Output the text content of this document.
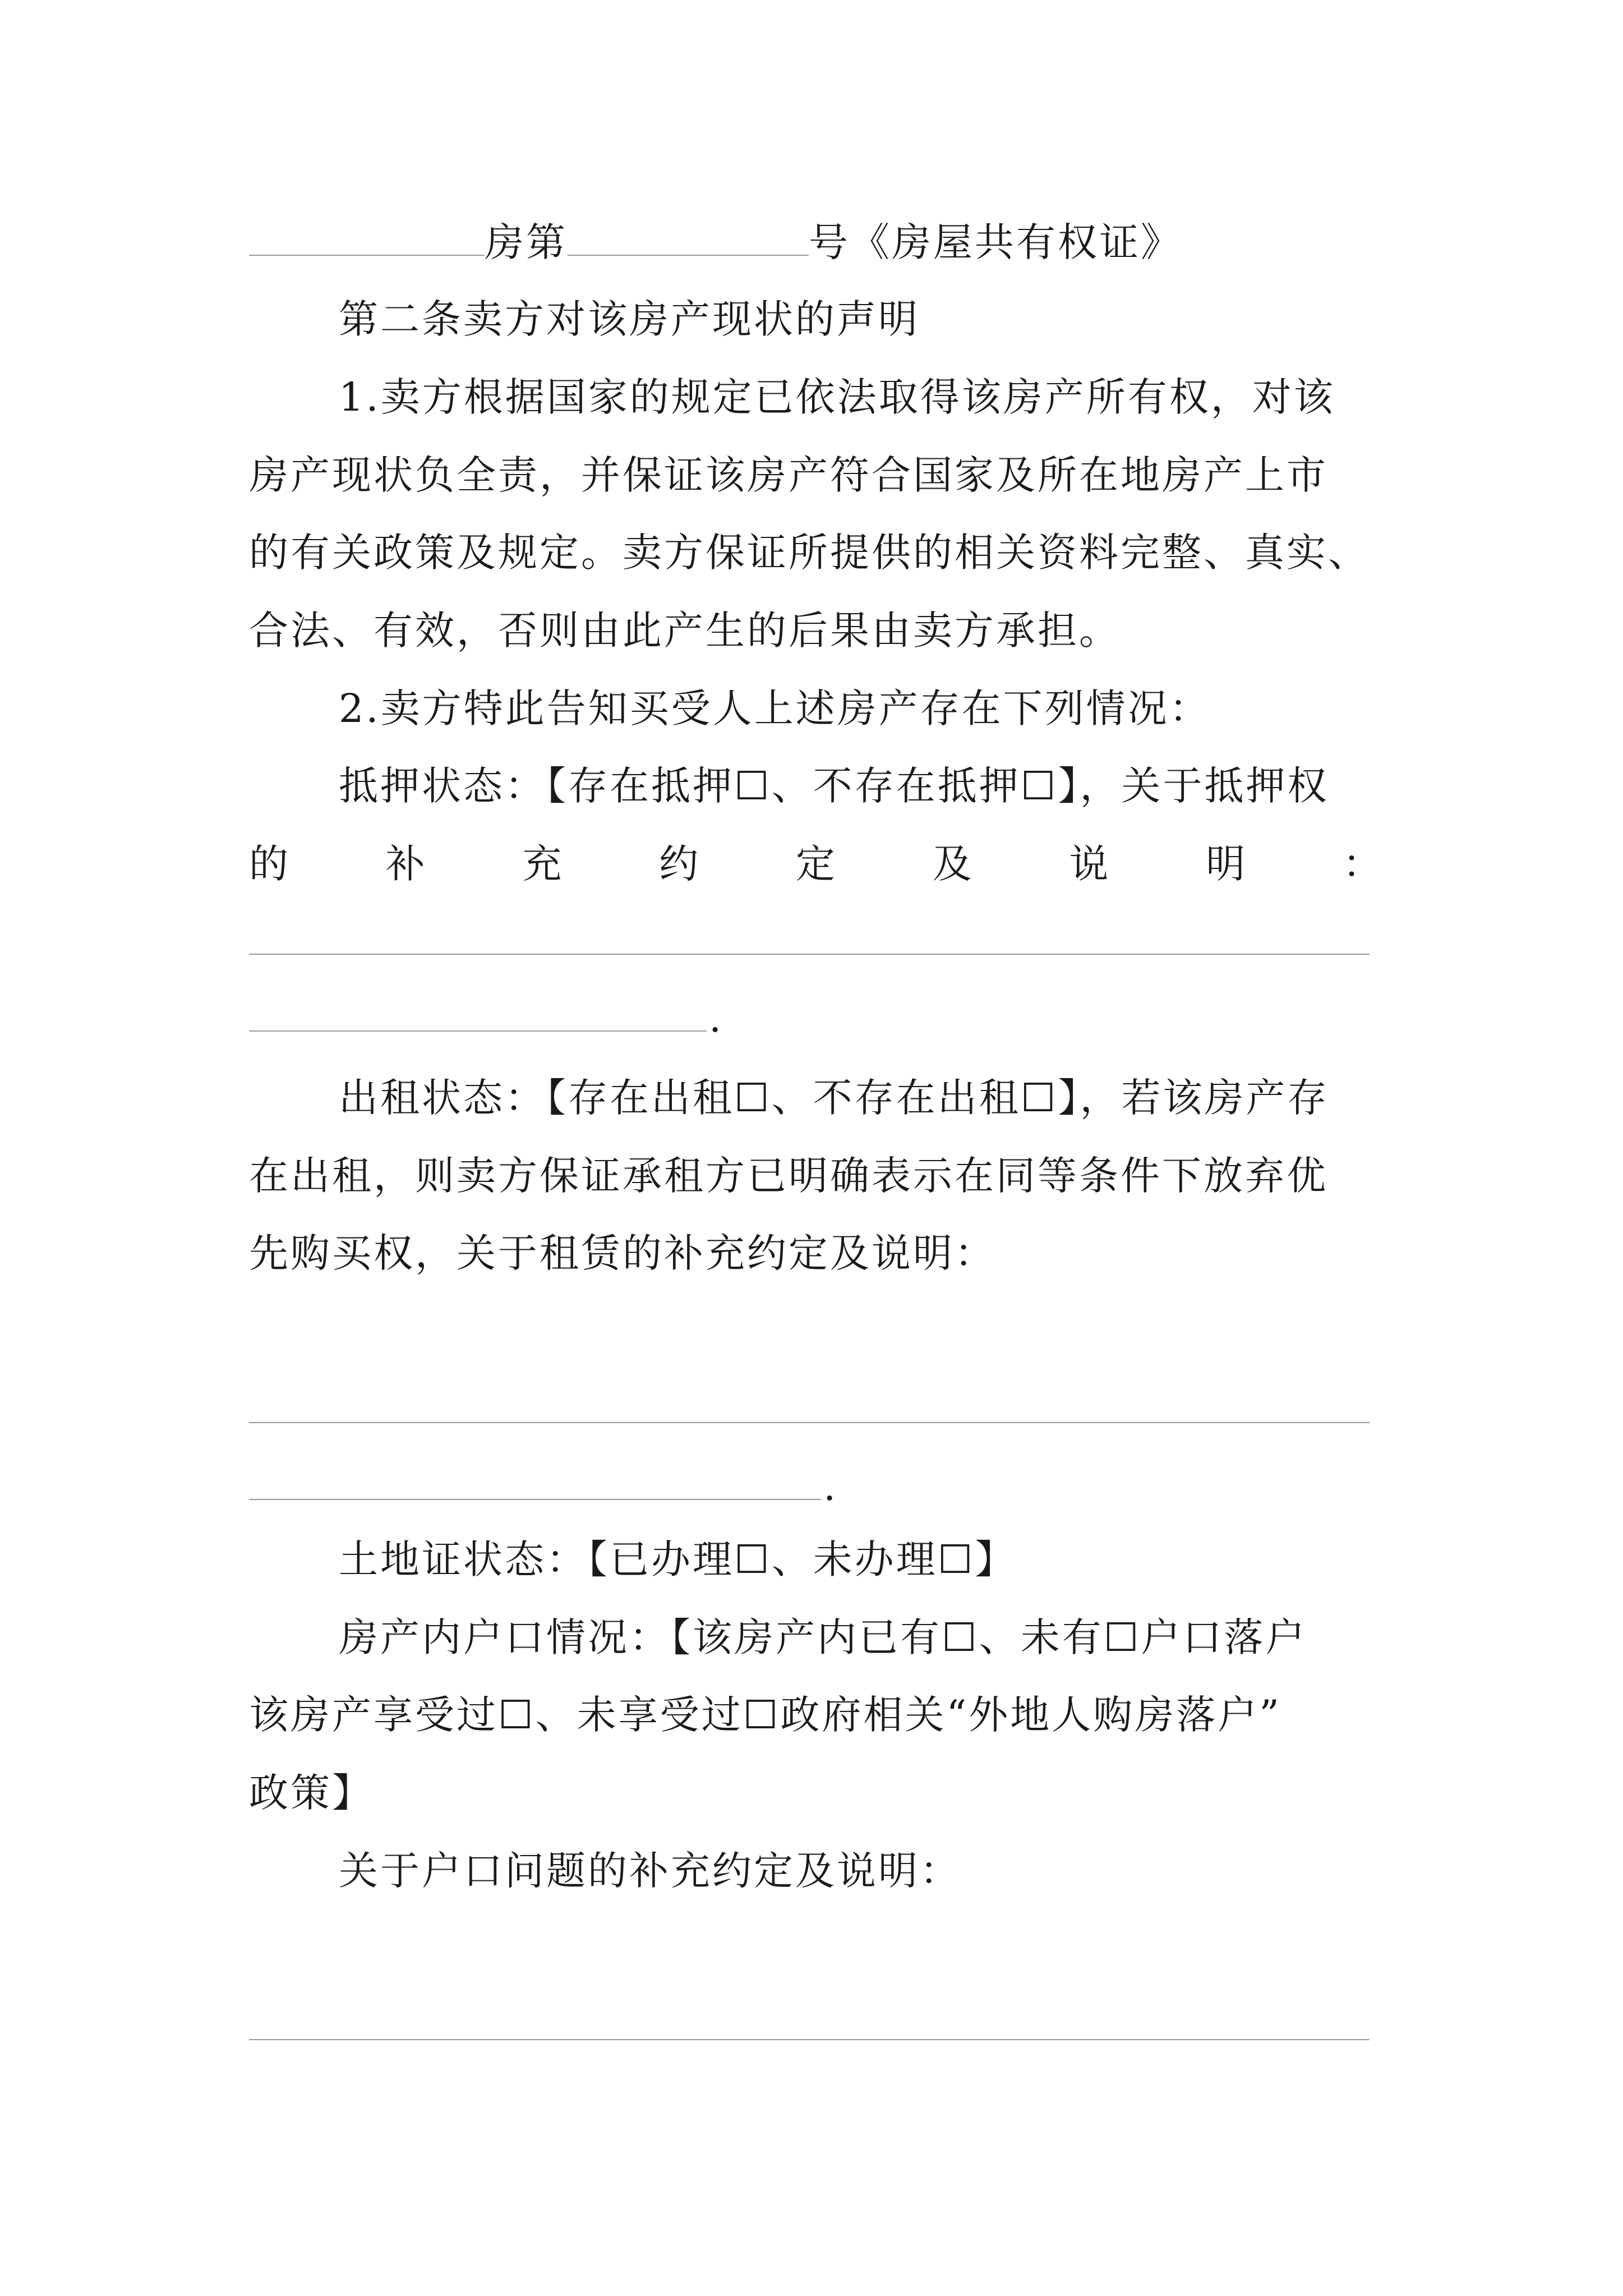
房第	号《房屋共有权证》
第二条卖方对该房产现状的声明
1.卖方根据国家的规定已依法取得该房产所有权，对该
房产现状负全责，并保证该房产符合国家及所在地房产上市
的有关政策及规定。卖方保证所提供的相关资料完整、真实、
合法、有效，否则由此产生的后果由卖方承担。
2.卖方特此告知买受人上述房产存在下列情况：
抵押状态：【存在抵押☐、不存在抵押☐】，关于抵押权
的 补 充 约 定 及 说 明 ：
.
出租状态：【存在出租☐、不存在出租☐】，若该房产存
在出租，则卖方保证承租方已明确表示在同等条件下放弃优
先购买权，关于租赁的补充约定及说明：
.
土地证状态：【已办理☐、未办理☐】
房产内户口情况：【该房产内已有☐、未有☐户口落户
该房产享受过☐、未享受过☐政府相关“外地人购房落户”
政策】
关于户口问题的补充约定及说明：
